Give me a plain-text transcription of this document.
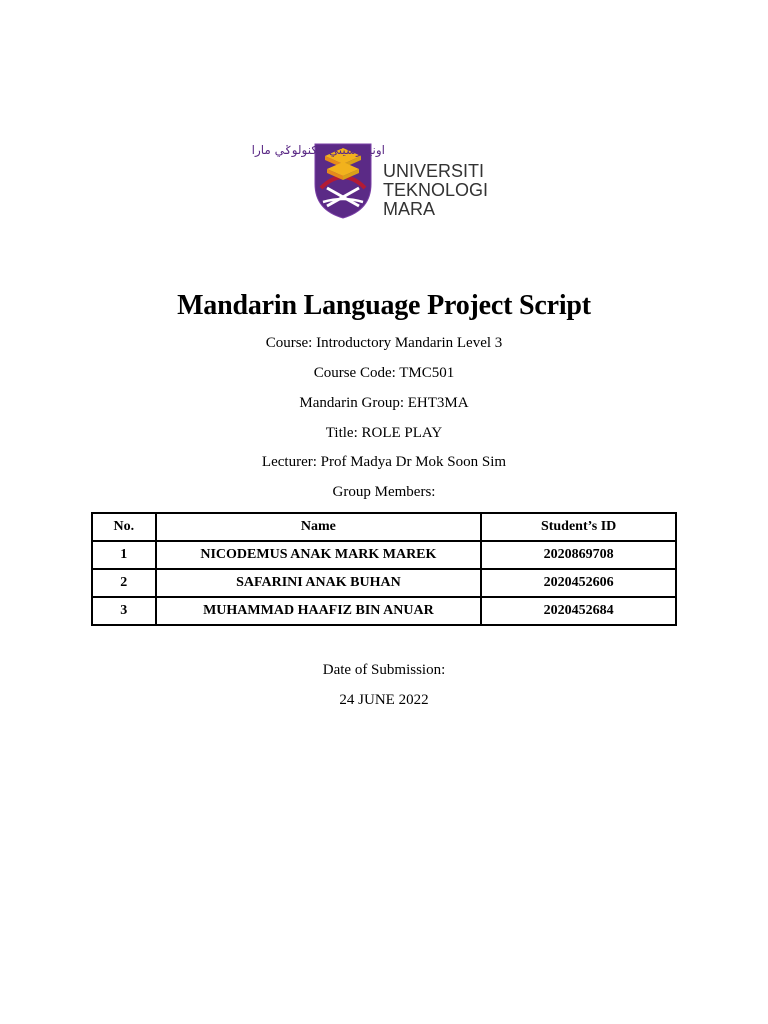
اونيۏرسيتي تيكنولوݢي مارا
UNIVERSITI
TEKNOLOGI
MARA
Mandarin Language Project Script
Course: Introductory Mandarin Level 3
Course Code: TMC501
Mandarin Group: EHT3MA
Title: ROLE PLAY
Lecturer: Prof Madya Dr Mok Soon Sim
Group Members:
No.	Name	Student’s ID
1	NICODEMUS ANAK MARK MAREK	2020869708
2	SAFARINI ANAK BUHAN	2020452606
3	MUHAMMAD HAAFIZ BIN ANUAR	2020452684
Date of Submission:
24 JUNE 2022
